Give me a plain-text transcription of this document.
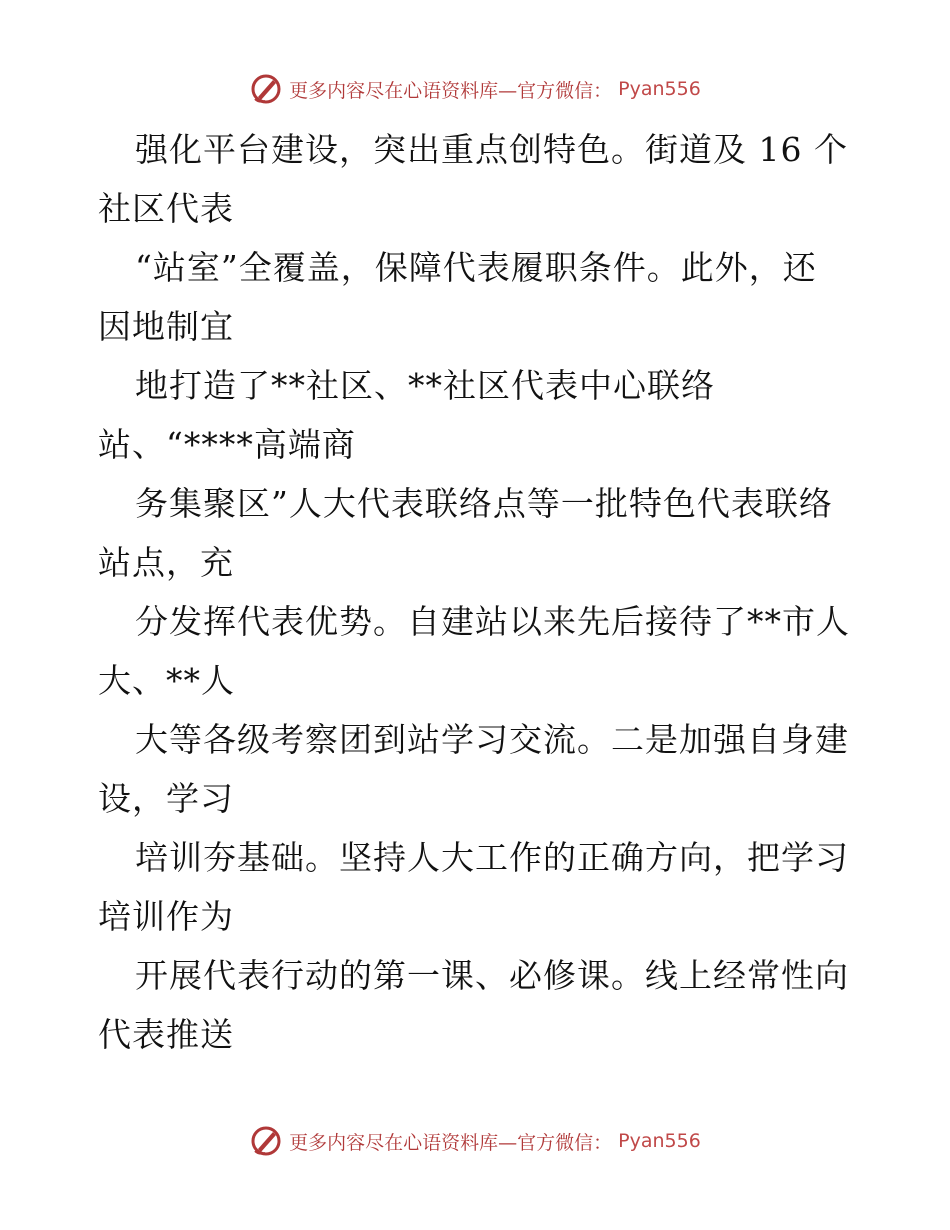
更多内容尽在心语资料库—官方微信： Pyan556
强化平台建设，突出重点创特色。街道及 16 个
社区代表
“站室”全覆盖，保障代表履职条件。此外，还
因地制宜
地打造了**社区、**社区代表中心联络
站、“****高端商
务集聚区”人大代表联络点等一批特色代表联络
站点，充
分发挥代表优势。自建站以来先后接待了**市人
大、**人
大等各级考察团到站学习交流。二是加强自身建
设，学习
培训夯基础。坚持人大工作的正确方向，把学习
培训作为
开展代表行动的第一课、必修课。线上经常性向
代表推送
更多内容尽在心语资料库—官方微信： Pyan556
